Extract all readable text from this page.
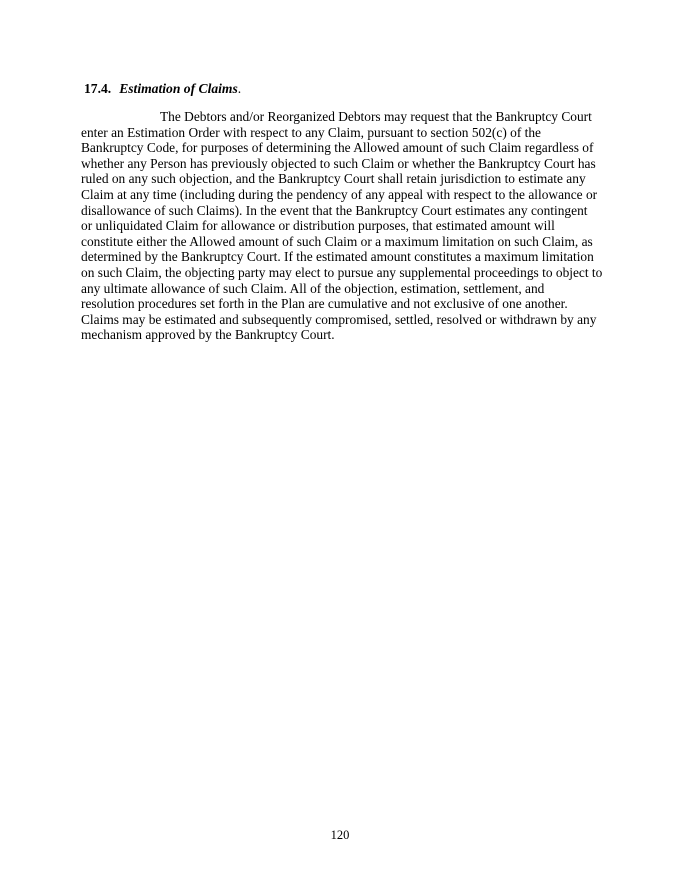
17.4. Estimation of Claims.
The Debtors and/or Reorganized Debtors may request that the Bankruptcy Court
enter an Estimation Order with respect to any Claim, pursuant to section 502(c) of the
Bankruptcy Code, for purposes of determining the Allowed amount of such Claim regardless of
whether any Person has previously objected to such Claim or whether the Bankruptcy Court has
ruled on any such objection, and the Bankruptcy Court shall retain jurisdiction to estimate any
Claim at any time (including during the pendency of any appeal with respect to the allowance or
disallowance of such Claims). In the event that the Bankruptcy Court estimates any contingent
or unliquidated Claim for allowance or distribution purposes, that estimated amount will
constitute either the Allowed amount of such Claim or a maximum limitation on such Claim, as
determined by the Bankruptcy Court. If the estimated amount constitutes a maximum limitation
on such Claim, the objecting party may elect to pursue any supplemental proceedings to object to
any ultimate allowance of such Claim. All of the objection, estimation, settlement, and
resolution procedures set forth in the Plan are cumulative and not exclusive of one another.
Claims may be estimated and subsequently compromised, settled, resolved or withdrawn by any
mechanism approved by the Bankruptcy Court.
120
